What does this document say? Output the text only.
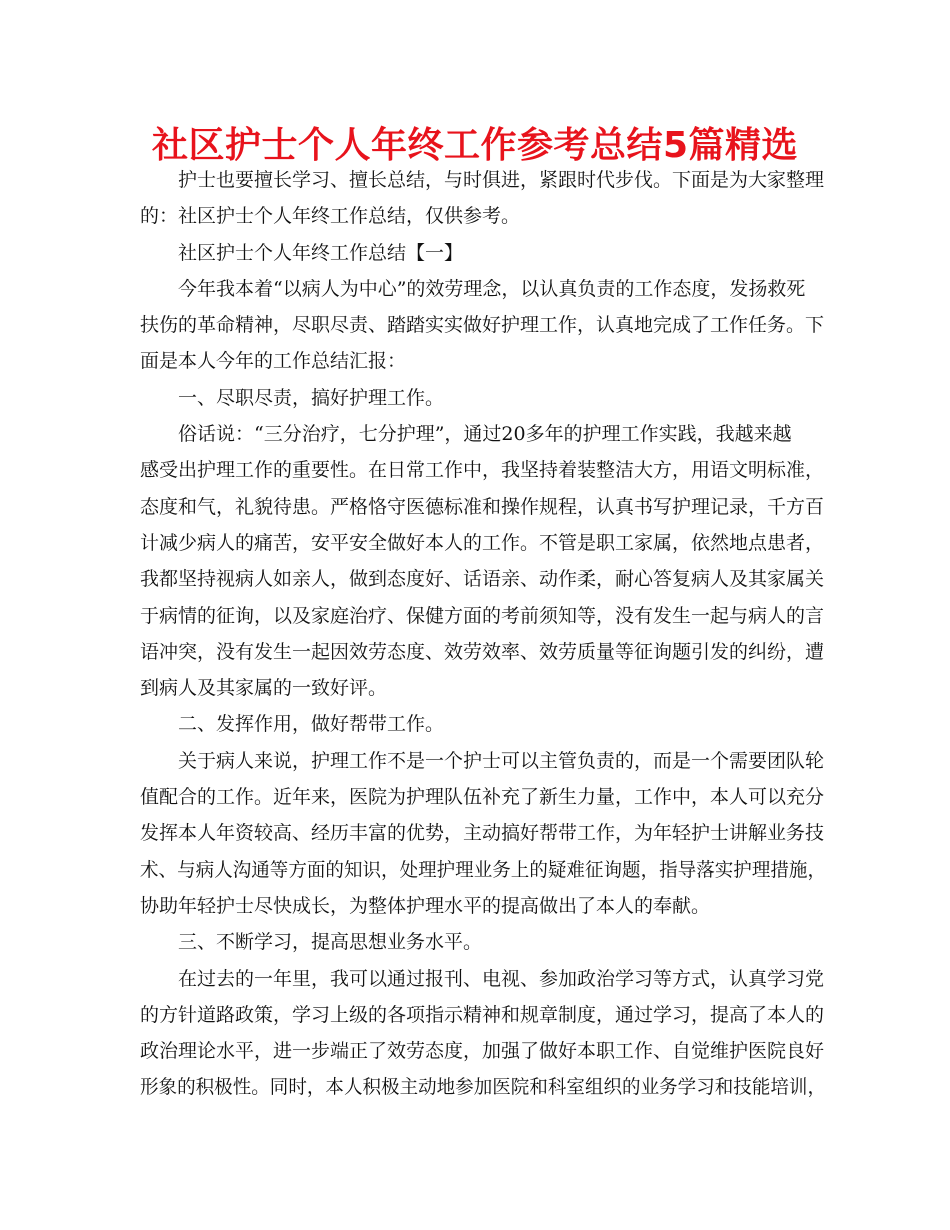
社区护士个人年终工作参考总结5篇精选
护士也要擅长学习、擅长总结，与时俱进，紧跟时代步伐。下面是为大家整理
的：社区护士个人年终工作总结，仅供参考。
社区护士个人年终工作总结【一】
今年我本着“以病人为中心”的效劳理念，以认真负责的工作态度，发扬救死
扶伤的革命精神，尽职尽责、踏踏实实做好护理工作，认真地完成了工作任务。下
面是本人今年的工作总结汇报：
一、尽职尽责，搞好护理工作。
俗话说：“三分治疗，七分护理”，通过20多年的护理工作实践，我越来越
感受出护理工作的重要性。在日常工作中，我坚持着装整洁大方，用语文明标准，
态度和气，礼貌待患。严格恪守医德标准和操作规程，认真书写护理记录，千方百
计减少病人的痛苦，安平安全做好本人的工作。不管是职工家属，依然地点患者，
我都坚持视病人如亲人，做到态度好、话语亲、动作柔，耐心答复病人及其家属关
于病情的征询，以及家庭治疗、保健方面的考前须知等，没有发生一起与病人的言
语冲突，没有发生一起因效劳态度、效劳效率、效劳质量等征询题引发的纠纷，遭
到病人及其家属的一致好评。
二、发挥作用，做好帮带工作。
关于病人来说，护理工作不是一个护士可以主管负责的，而是一个需要团队轮
值配合的工作。近年来，医院为护理队伍补充了新生力量，工作中，本人可以充分
发挥本人年资较高、经历丰富的优势，主动搞好帮带工作，为年轻护士讲解业务技
术、与病人沟通等方面的知识，处理护理业务上的疑难征询题，指导落实护理措施，
协助年轻护士尽快成长，为整体护理水平的提高做出了本人的奉献。
三、不断学习，提高思想业务水平。
在过去的一年里，我可以通过报刊、电视、参加政治学习等方式，认真学习党
的方针道路政策，学习上级的各项指示精神和规章制度，通过学习，提高了本人的
政治理论水平，进一步端正了效劳态度，加强了做好本职工作、自觉维护医院良好
形象的积极性。同时，本人积极主动地参加医院和科室组织的业务学习和技能培训，
